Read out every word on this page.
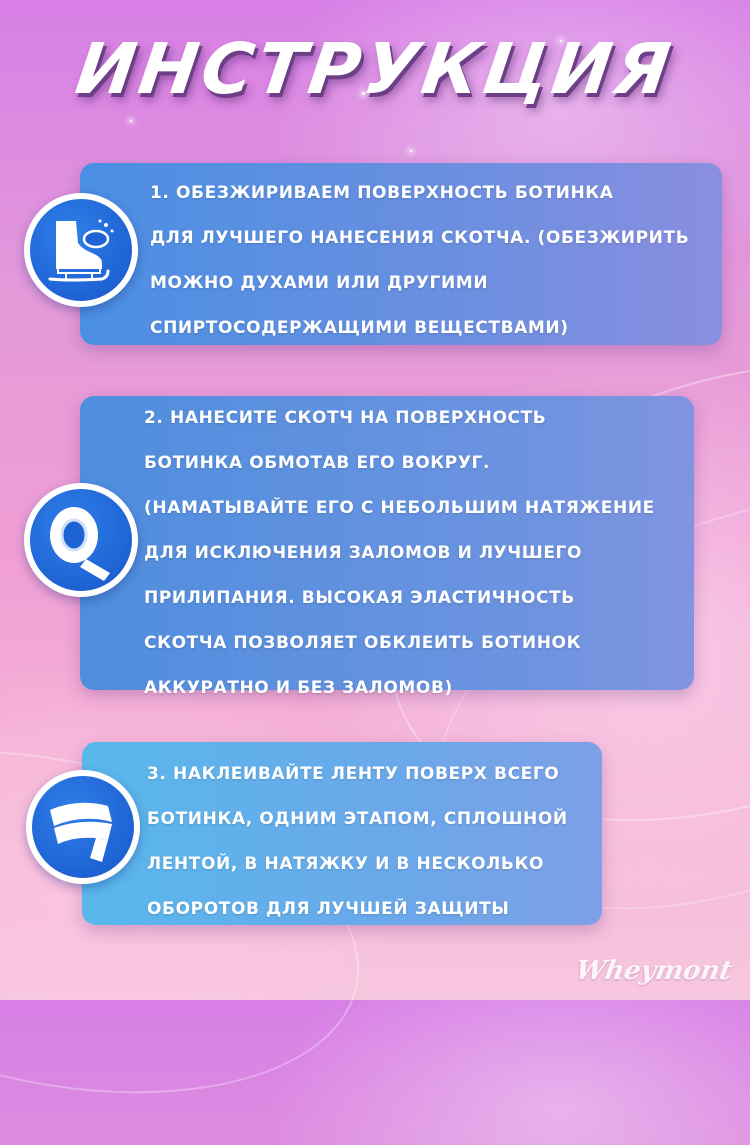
ИНСТРУКЦИЯ
1. ОБЕЗЖИРИВАЕМ ПОВЕРХНОСТЬ БОТИНКА
ДЛЯ ЛУЧШЕГО НАНЕСЕНИЯ СКОТЧА. (ОБЕЗЖИРИТЬ
МОЖНО ДУХАМИ ИЛИ ДРУГИМИ
СПИРТОСОДЕРЖАЩИМИ ВЕЩЕСТВАМИ)
2. НАНЕСИТЕ СКОТЧ НА ПОВЕРХНОСТЬ
БОТИНКА ОБМОТАВ ЕГО ВОКРУГ.
(НАМАТЫВАЙТЕ ЕГО С НЕБОЛЬШИМ НАТЯЖЕНИЕ
ДЛЯ ИСКЛЮЧЕНИЯ ЗАЛОМОВ И ЛУЧШЕГО
ПРИЛИПАНИЯ. ВЫСОКАЯ ЭЛАСТИЧНОСТЬ
СКОТЧА ПОЗВОЛЯЕТ ОБКЛЕИТЬ БОТИНОК
АККУРАТНО И БЕЗ ЗАЛОМОВ)
3. НАКЛЕИВАЙТЕ ЛЕНТУ ПОВЕРХ ВСЕГО
БОТИНКА, ОДНИМ ЭТАПОМ, СПЛОШНОЙ
ЛЕНТОЙ, В НАТЯЖКУ И В НЕСКОЛЬКО
ОБОРОТОВ ДЛЯ ЛУЧШЕЙ ЗАЩИТЫ
Wheymont
